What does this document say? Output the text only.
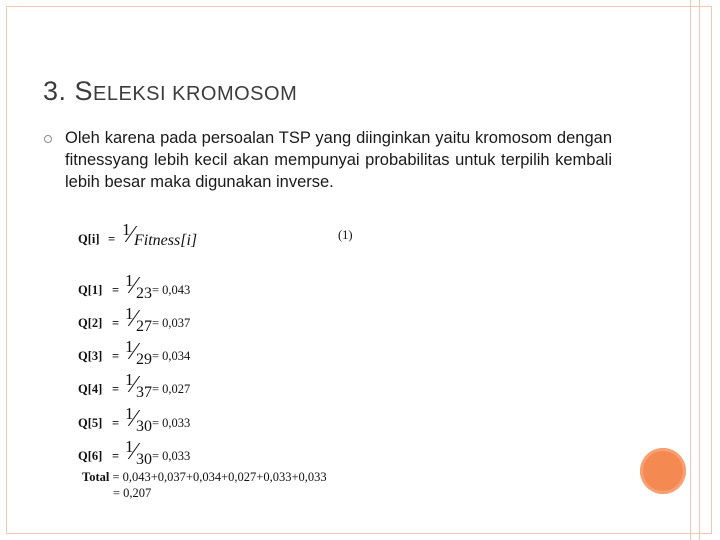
3. SELEKSI KROMOSOM
Oleh karena pada persoalan TSP yang diinginkan yaitu kromosom dengan fitnessyang lebih kecil akan mempunyai probabilitas untuk terpilih kembali lebih besar maka digunakan inverse.
Q[i] = 1
⁄ Fitness[i]	(1)
Q[1] = 1
⁄ 23 = 0,043
Q[2] = 1
⁄ 27 = 0,037
Q[3] = 1
⁄ 29 = 0,034
Q[4] = 1
⁄ 37 = 0,027
Q[5] = 1
⁄ 30 = 0,033
Q[6] = 1
⁄ 30 = 0,033
Total = 0,043+0,037+0,034+0,027+0,033+0,033
= 0,207
